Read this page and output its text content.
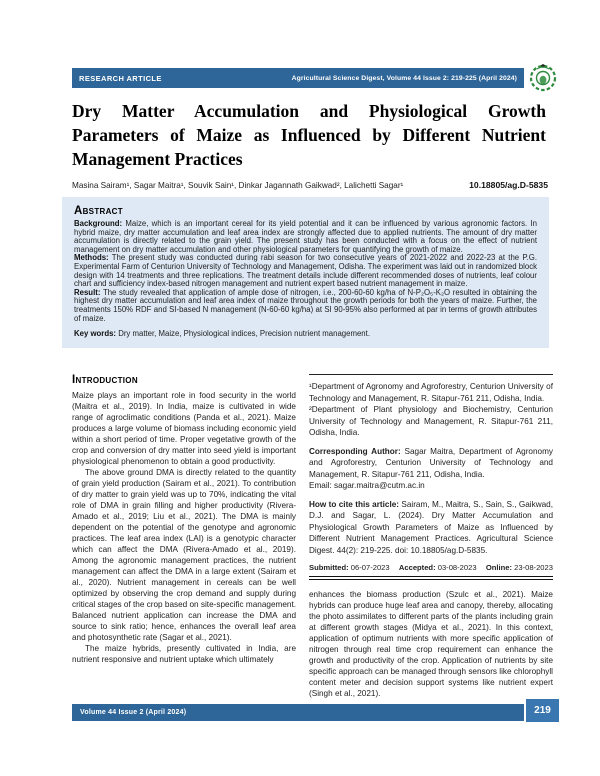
RESEARCH ARTICLE	Agricultural Science Digest, Volume 44 Issue 2: 219-225 (April 2024)
Dry Matter Accumulation and Physiological Growth Parameters of Maize as Influenced by Different Nutrient Management Practices
Masina Sairam¹, Sagar Maitra¹, Souvik Sain¹, Dinkar Jagannath Gaikwad², Lalichetti Sagar¹	10.18805/ag.D-5835
Abstract

Background: Maize, which is an important cereal for its yield potential and it can be influenced by various agronomic factors. In hybrid maize, dry matter accumulation and leaf area index are strongly affected due to applied nutrients. The amount of dry matter accumulation is directly related to the grain yield. The present study has been conducted with a focus on the effect of nutrient management on dry matter accumulation and other physiological parameters for quantifying the growth of maize.

Methods: The present study was conducted during rabi season for two consecutive years of 2021-2022 and 2022-23 at the P.G. Experimental Farm of Centurion University of Technology and Management, Odisha. The experiment was laid out in randomized block design with 14 treatments and three replications. The treatment details include different recommended doses of nutrients, leaf colour chart and sufficiency index-based nitrogen management and nutrient expert based nutrient management in maize.

Result: The study revealed that application of ample dose of nitrogen, i.e., 200-60-60 kg/ha of N-P₂O₅-K₂O resulted in obtaining the highest dry matter accumulation and leaf area index of maize throughout the growth periods for both the years of maize. Further, the treatments 150% RDF and SI-based N management (N-60-60 kg/ha) at SI 90-95% also performed at par in terms of growth attributes of maize.

Key words: Dry matter, Maize, Physiological indices, Precision nutrient management.

Introduction

Maize plays an important role in food security in the world (Maitra et al., 2019). In India, maize is cultivated in wide range of agroclimatic conditions (Panda et al., 2021). Maize produces a large volume of biomass including economic yield within a short period of time. Proper vegetative growth of the crop and conversion of dry matter into seed yield is important physiological phenomenon to obtain a good productivity.

The above ground DMA is directly related to the quantity of grain yield production (Sairam et al., 2021). To contribution of dry matter to grain yield was up to 70%, indicating the vital role of DMA in grain filling and higher productivity (Rivera-Amado et al., 2019; Liu et al., 2021). The DMA is mainly dependent on the potential of the genotype and agronomic practices. The leaf area index (LAI) is a genotypic character which can affect the DMA (Rivera-Amado et al., 2019). Among the agronomic management practices, the nutrient management can affect the DMA in a large extent (Sairam et al., 2020). Nutrient management in cereals can be well optimized by observing the crop demand and supply during critical stages of the crop based on site-specific management. Balanced nutrient application can increase the DMA and source to sink ratio; hence, enhances the overall leaf area and photosynthetic rate (Sagar et al., 2021).

The maize hybrids, presently cultivated in India, are nutrient responsive and nutrient uptake which ultimately

¹Department of Agronomy and Agroforestry, Centurion University of Technology and Management, R. Sitapur-761 211, Odisha, India.

²Department of Plant physiology and Biochemistry, Centurion University of Technology and Management, R. Sitapur-761 211, Odisha, India.

Corresponding Author: Sagar Maitra, Department of Agronomy and Agroforestry, Centurion University of Technology and Management, R. Sitapur-761 211, Odisha, India.

Email: sagar.maitra@cutm.ac.in

How to cite this article: Sairam, M., Maitra, S., Sain, S., Gaikwad, D.J. and Sagar, L. (2024). Dry Matter Accumulation and Physiological Growth Parameters of Maize as Influenced by Different Nutrient Management Practices. Agricultural Science Digest. 44(2): 219-225. doi: 10.18805/ag.D-5835.

Submitted: 06-07-2023 Accepted: 03-08-2023 Online: 23-08-2023

enhances the biomass production (Szulc et al., 2021). Maize hybrids can produce huge leaf area and canopy, thereby, allocating the photo assimilates to different parts of the plants including grain at different growth stages (Midya et al., 2021). In this context, application of optimum nutrients with more specific application of nitrogen through real time crop requirement can enhance the growth and productivity of the crop. Application of nutrients by site specific approach can be managed through sensors like chlorophyll content meter and decision support systems like nutrient expert (Singh et al., 2021).

Volume 44 Issue 2 (April 2024)	219
